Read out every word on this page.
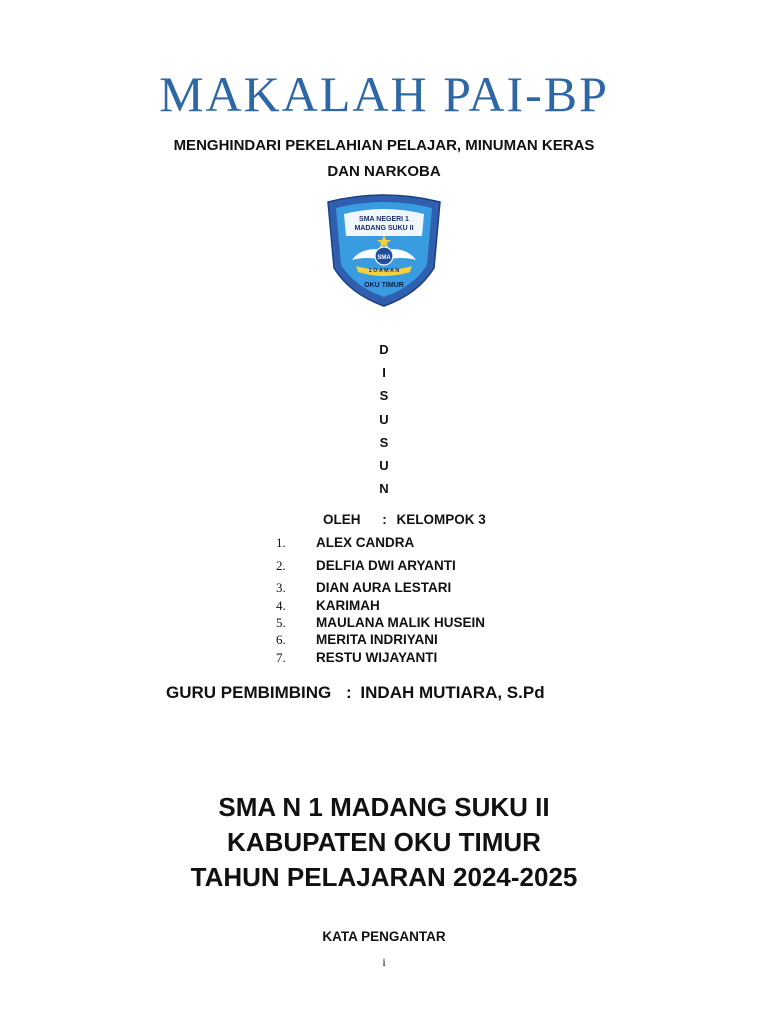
MAKALAH PAI-BP
MENGHINDARI PEKELAHIAN PELAJAR, MINUMAN KERAS
DAN NARKOBA
SMA NEGERI 1
MADANG SUKU II
SMA
1 O A M A N
OKU TIMUR
D
I
S
U
S
U
N
OLEH : KELOMPOK 3
1. ALEX CANDRA
2. DELFIA DWI ARYANTI
3. DIAN AURA LESTARI
4. KARIMAH
5. MAULANA MALIK HUSEIN
6. MERITA INDRIYANI
7. RESTU WIJAYANTI
GURU PEMBIMBING : INDAH MUTIARA, S.Pd
SMA N 1 MADANG SUKU II
KABUPATEN OKU TIMUR
TAHUN PELAJARAN 2024-2025
KATA PENGANTAR
i
